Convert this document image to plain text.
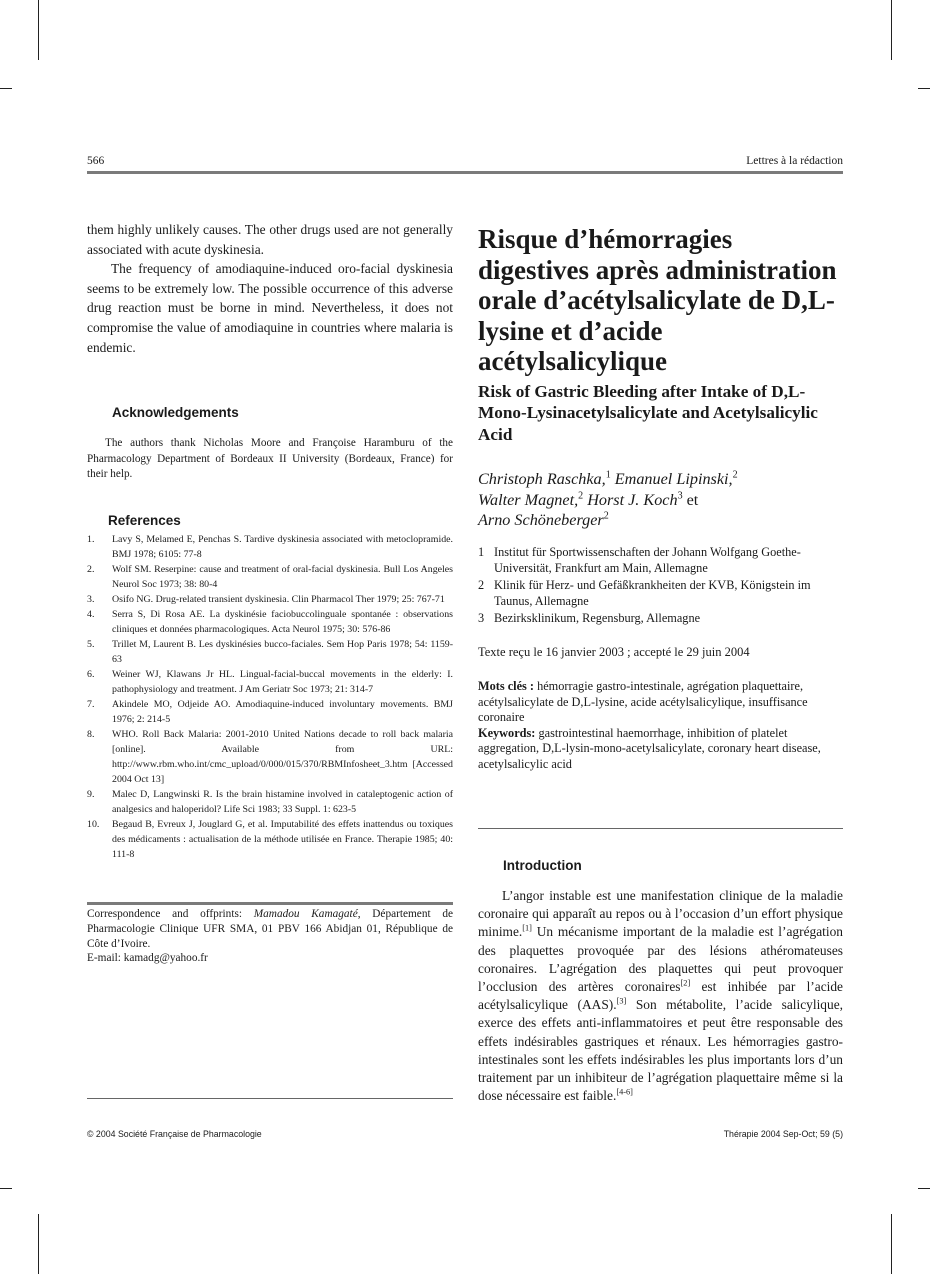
566	Lettres à la rédaction

them highly unlikely causes. The other drugs used are not generally associated with acute dyskinesia.

The frequency of amodiaquine-induced oro-facial dyskinesia seems to be extremely low. The possible occurrence of this adverse drug reaction must be borne in mind. Nevertheless, it does not compromise the value of amodiaquine in countries where malaria is endemic.

Acknowledgements

The authors thank Nicholas Moore and Françoise Haramburu of the Pharmacology Department of Bordeaux II University (Bordeaux, France) for their help.

References
1.	Lavy S, Melamed E, Penchas S. Tardive dyskinesia associated with metoclopramide. BMJ 1978; 6105: 77-8
2.	Wolf SM. Reserpine: cause and treatment of oral-facial dyskinesia. Bull Los Angeles Neurol Soc 1973; 38: 80-4
3.	Osifo NG. Drug-related transient dyskinesia. Clin Pharmacol Ther 1979; 25: 767-71
4.	Serra S, Di Rosa AE. La dyskinésie faciobuccolinguale spontanée : observations cliniques et données pharmacologiques. Acta Neurol 1975; 30: 576-86
5.	Trillet M, Laurent B. Les dyskinésies bucco-faciales. Sem Hop Paris 1978; 54: 1159-63
6.	Weiner WJ, Klawans Jr HL. Lingual-facial-buccal movements in the elderly: I. pathophysiology and treatment. J Am Geriatr Soc 1973; 21: 314-7
7.	Akindele MO, Odjeide AO. Amodiaquine-induced involuntary movements. BMJ 1976; 2: 214-5
8.	WHO. Roll Back Malaria: 2001-2010 United Nations decade to roll back malaria [online]. Available from URL: http://www.rbm.who.int/cmc_upload/0/000/015/370/RBMInfosheet_3.htm [Accessed 2004 Oct 13]
9.	Malec D, Langwinski R. Is the brain histamine involved in cataleptogenic action of analgesics and haloperidol? Life Sci 1983; 33 Suppl. 1: 623-5
10.	Begaud B, Evreux J, Jouglard G, et al. Imputabilité des effets inattendus ou toxiques des médicaments : actualisation de la méthode utilisée en France. Therapie 1985; 40: 111-8
Correspondence and offprints: Mamadou Kamagaté, Département de Pharmacologie Clinique UFR SMA, 01 PBV 166 Abidjan 01, République de Côte d’Ivoire.
E-mail: kamadg@yahoo.fr
Risque d’hémorragies digestives après administration orale d’acétylsalicylate de D,L-lysine et d’acide acétylsalicylique
Risk of Gastric Bleeding after Intake of D,L-Mono-Lysinacetylsalicylate and Acetylsalicylic Acid

Christoph Raschka,$^1$ Emanuel Lipinski,$^2$
Walter Magnet,$^2$ Horst J. Koch$^3$ et
Arno Schöneberger$^2$

1 Institut für Sportwissenschaften der Johann Wolfgang Goethe-Universität, Frankfurt am Main, Allemagne
2 Klinik für Herz- und Gefäßkrankheiten der KVB, Königstein im Taunus, Allemagne
3 Bezirksklinikum, Regensburg, Allemagne

Texte reçu le 16 janvier 2003 ; accepté le 29 juin 2004

Mots clés : hémorragie gastro-intestinale, agrégation plaquettaire, acétylsalicylate de D,L-lysine, acide acétylsalicylique, insuffisance coronaire

Keywords: gastrointestinal haemorrhage, inhibition of platelet aggregation, D,L-lysin-mono-acetylsalicylate, coronary heart disease, acetylsalicylic acid

Introduction

L’angor instable est une manifestation clinique de la maladie coronaire qui apparaît au repos ou à l’occasion d’un effort physique minime.[1] Un mécanisme important de la maladie est l’agrégation des plaquettes provoquée par des lésions athéromateuses coronaires. L’agrégation des plaquettes qui peut provoquer l’occlusion des artères coronaires[2] est inhibée par l’acide acétylsalicylique (AAS).[3] Son métabolite, l’acide salicylique, exerce des effets anti-inflammatoires et peut être responsable des effets indésirables gastriques et rénaux. Les hémorragies gastro-intestinales sont les effets indésirables les plus importants lors d’un traitement par un inhibiteur de l’agrégation plaquettaire même si la dose nécessaire est faible.[4-6]

© 2004 Société Française de Pharmacologie	Thérapie 2004 Sep-Oct; 59 (5)
